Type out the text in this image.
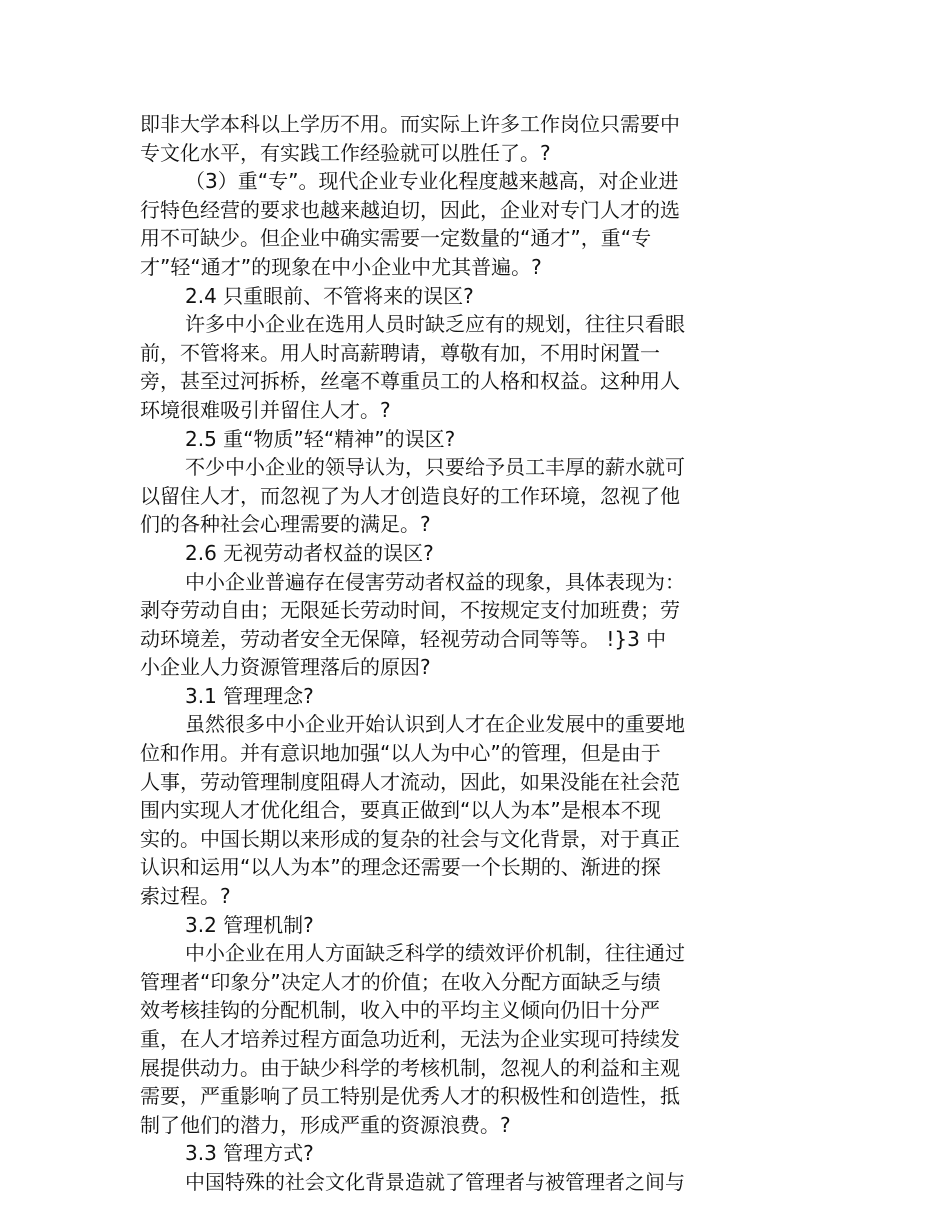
即非大学本科以上学历不用。而实际上许多工作岗位只需要中

专文化水平，有实践工作经验就可以胜任了。?

（3）重“专”。现代企业专业化程度越来越高，对企业进

行特色经营的要求也越来越迫切，因此，企业对专门人才的选

用不可缺少。但企业中确实需要一定数量的“通才”，重“专

才”轻“通才”的现象在中小企业中尤其普遍。?

2.4 只重眼前、不管将来的误区?

许多中小企业在选用人员时缺乏应有的规划，往往只看眼

前，不管将来。用人时高薪聘请，尊敬有加，不用时闲置一

旁，甚至过河拆桥，丝毫不尊重员工的人格和权益。这种用人

环境很难吸引并留住人才。?

2.5 重“物质”轻“精神”的误区?

不少中小企业的领导认为，只要给予员工丰厚的薪水就可

以留住人才，而忽视了为人才创造良好的工作环境，忽视了他

们的各种社会心理需要的满足。?

2.6 无视劳动者权益的误区?

中小企业普遍存在侵害劳动者权益的现象，具体表现为：

剥夺劳动自由；无限延长劳动时间，不按规定支付加班费；劳

动环境差，劳动者安全无保障，轻视劳动合同等等。 !}3 中

小企业人力资源管理落后的原因?

3.1 管理理念?

虽然很多中小企业开始认识到人才在企业发展中的重要地

位和作用。并有意识地加强“以人为中心”的管理，但是由于

人事，劳动管理制度阻碍人才流动，因此，如果没能在社会范

围内实现人才优化组合，要真正做到“以人为本”是根本不现

实的。中国长期以来形成的复杂的社会与文化背景，对于真正

认识和运用“以人为本”的理念还需要一个长期的、渐进的探

索过程。?

3.2 管理机制?

中小企业在用人方面缺乏科学的绩效评价机制，往往通过

管理者“印象分”决定人才的价值；在收入分配方面缺乏与绩

效考核挂钩的分配机制，收入中的平均主义倾向仍旧十分严

重，在人才培养过程方面急功近利，无法为企业实现可持续发

展提供动力。由于缺少科学的考核机制，忽视人的利益和主观

需要，严重影响了员工特别是优秀人才的积极性和创造性，抵

制了他们的潜力，形成严重的资源浪费。?

3.3 管理方式?

中国特殊的社会文化背景造就了管理者与被管理者之间与
